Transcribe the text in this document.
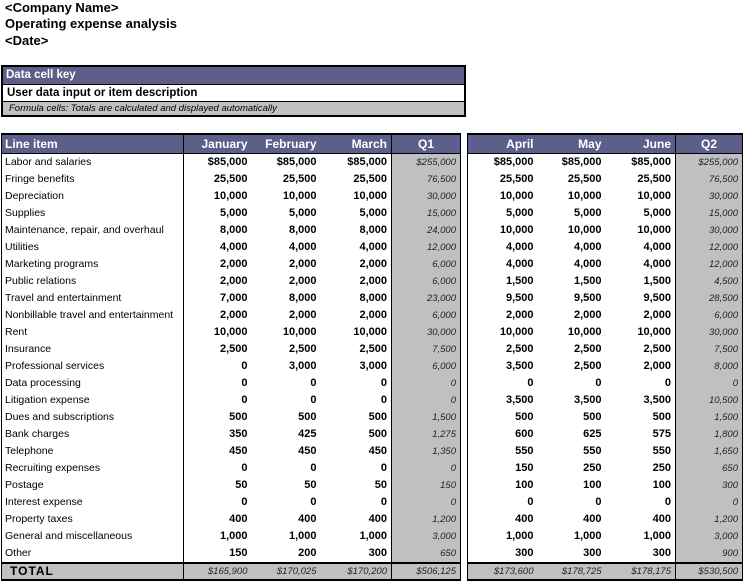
<Company Name>
Operating expense analysis
<Date>
Data cell key
User data input or item description
Formula cells: Totals are calculated and displayed automatically
Line item	January	February	March	Q1		April	May	June	Q2
Labor and salaries	$85,000	$85,000	$85,000	$255,000		$85,000	$85,000	$85,000	$255,000
Fringe benefits	25,500	25,500	25,500	76,500		25,500	25,500	25,500	76,500
Depreciation	10,000	10,000	10,000	30,000		10,000	10,000	10,000	30,000
Supplies	5,000	5,000	5,000	15,000		5,000	5,000	5,000	15,000
Maintenance, repair, and overhaul	8,000	8,000	8,000	24,000		10,000	10,000	10,000	30,000
Utilities	4,000	4,000	4,000	12,000		4,000	4,000	4,000	12,000
Marketing programs	2,000	2,000	2,000	6,000		4,000	4,000	4,000	12,000
Public relations	2,000	2,000	2,000	6,000		1,500	1,500	1,500	4,500
Travel and entertainment	7,000	8,000	8,000	23,000		9,500	9,500	9,500	28,500
Nonbillable travel and entertainment	2,000	2,000	2,000	6,000		2,000	2,000	2,000	6,000
Rent	10,000	10,000	10,000	30,000		10,000	10,000	10,000	30,000
Insurance	2,500	2,500	2,500	7,500		2,500	2,500	2,500	7,500
Professional services	0	3,000	3,000	6,000		3,500	2,500	2,000	8,000
Data processing	0	0	0	0		0	0	0	0
Litigation expense	0	0	0	0		3,500	3,500	3,500	10,500
Dues and subscriptions	500	500	500	1,500		500	500	500	1,500
Bank charges	350	425	500	1,275		600	625	575	1,800
Telephone	450	450	450	1,350		550	550	550	1,650
Recruiting expenses	0	0	0	0		150	250	250	650
Postage	50	50	50	150		100	100	100	300
Interest expense	0	0	0	0		0	0	0	0
Property taxes	400	400	400	1,200		400	400	400	1,200
General and miscellaneous	1,000	1,000	1,000	3,000		1,000	1,000	1,000	3,000
Other	150	200	300	650		300	300	300	900
TOTAL	$165,900	$170,025	$170,200	$506,125		$173,600	$178,725	$178,175	$530,500
